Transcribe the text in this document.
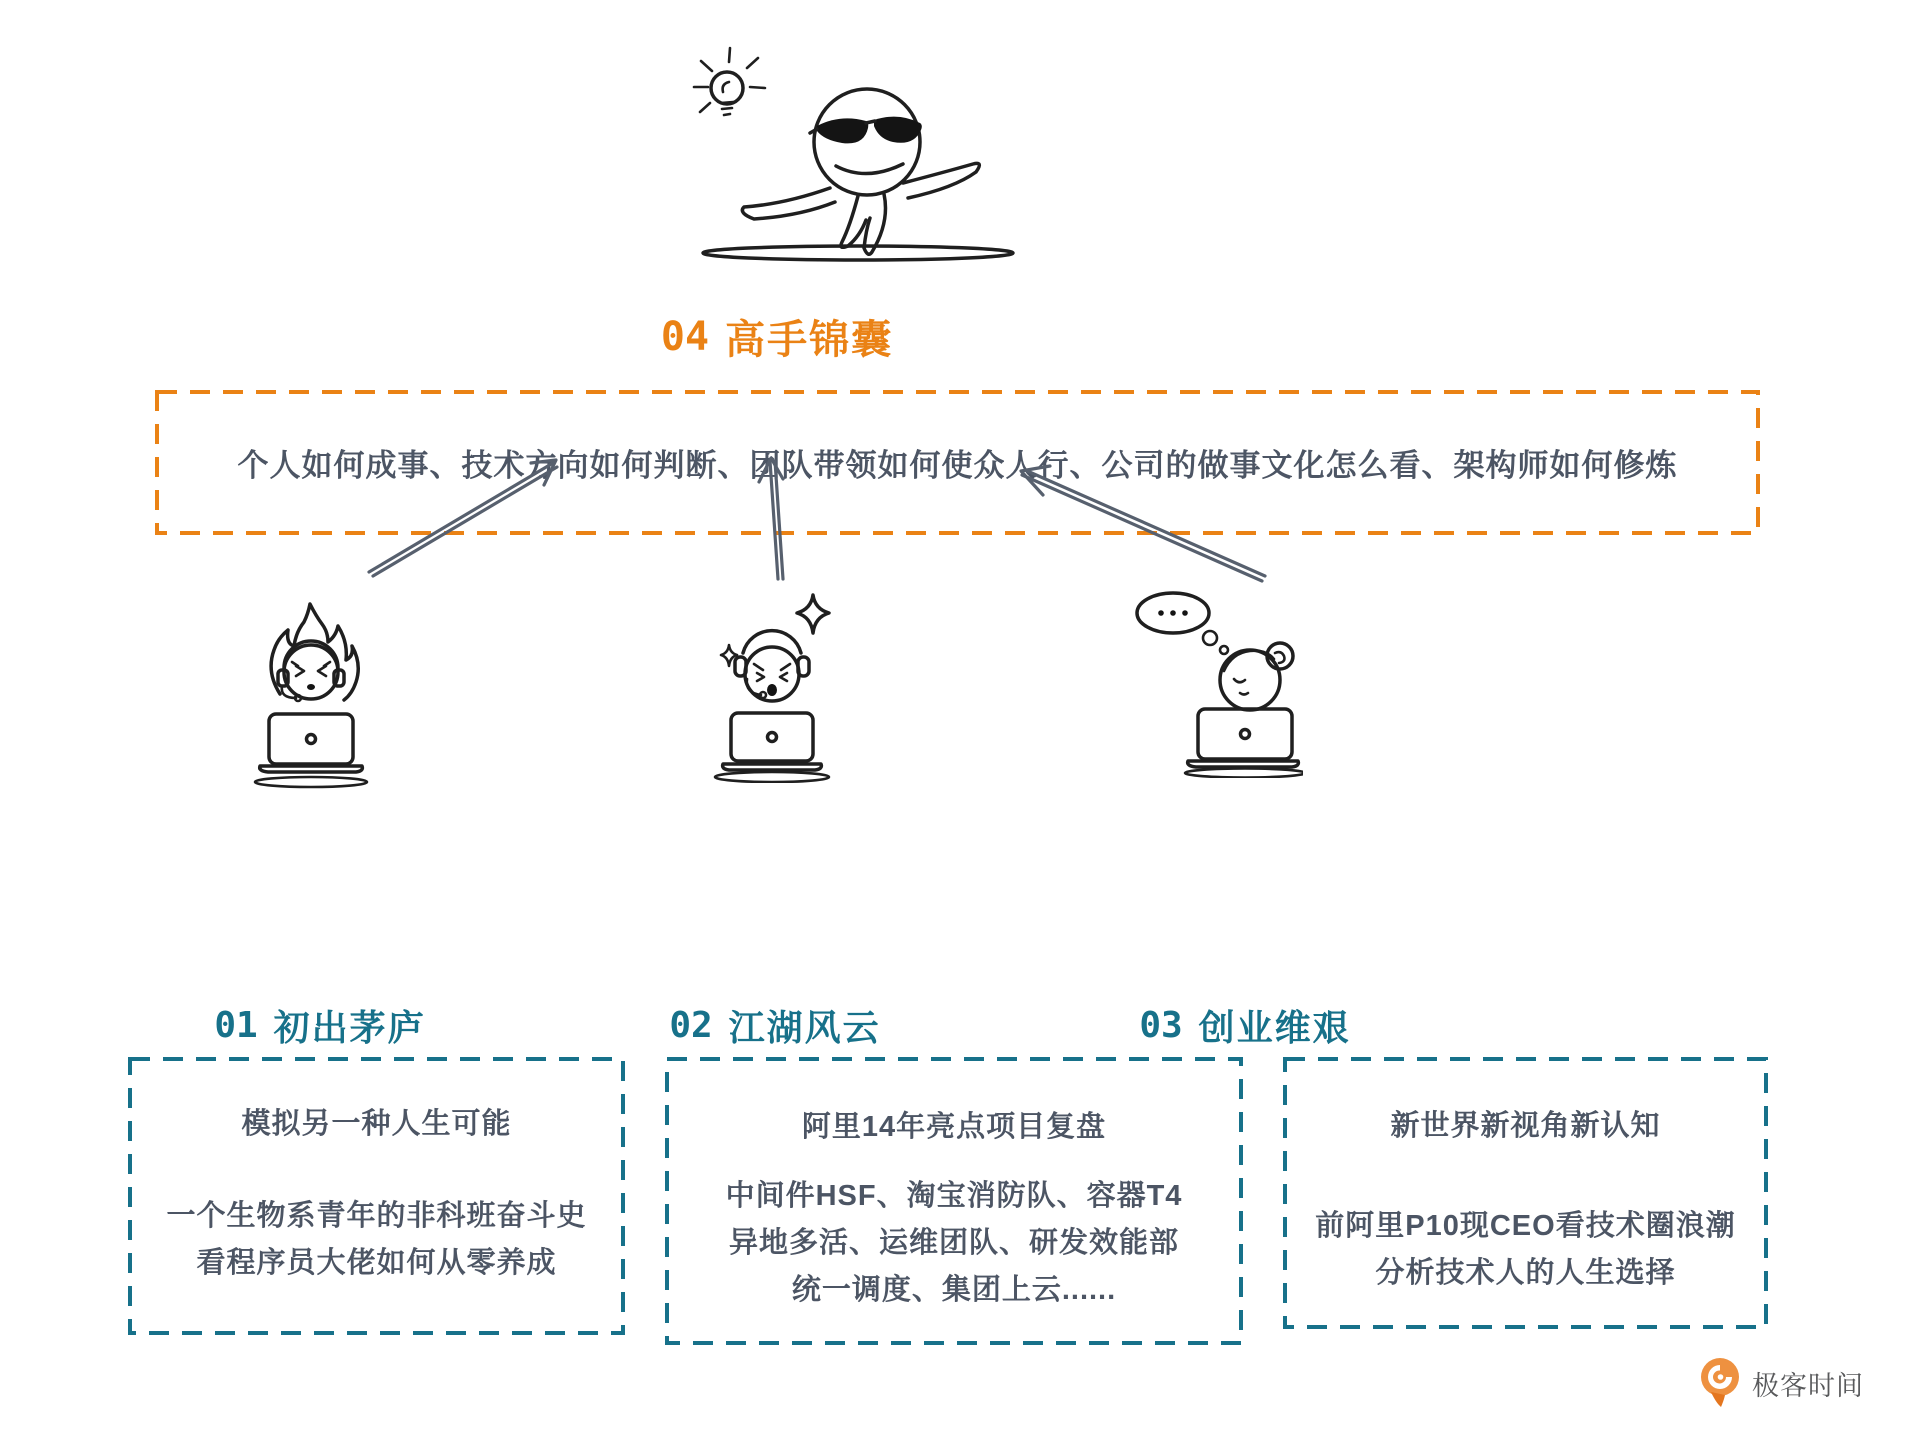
04 高手锦囊
个人如何成事、技术方向如何判断、团队带领如何使众人行、公司的做事文化怎么看、架构师如何修炼
01 初出茅庐	02 江湖风云	03 创业维艰
模拟另一种人生可能
一个生物系青年的非科班奋斗史
看程序员大佬如何从零养成
阿里14年亮点项目复盘
中间件HSF、淘宝消防队、容器T4
异地多活、运维团队、研发效能部
统一调度、集团上云......
新世界新视角新认知
前阿里P10现CEO看技术圈浪潮
分析技术人的人生选择
极客时间
